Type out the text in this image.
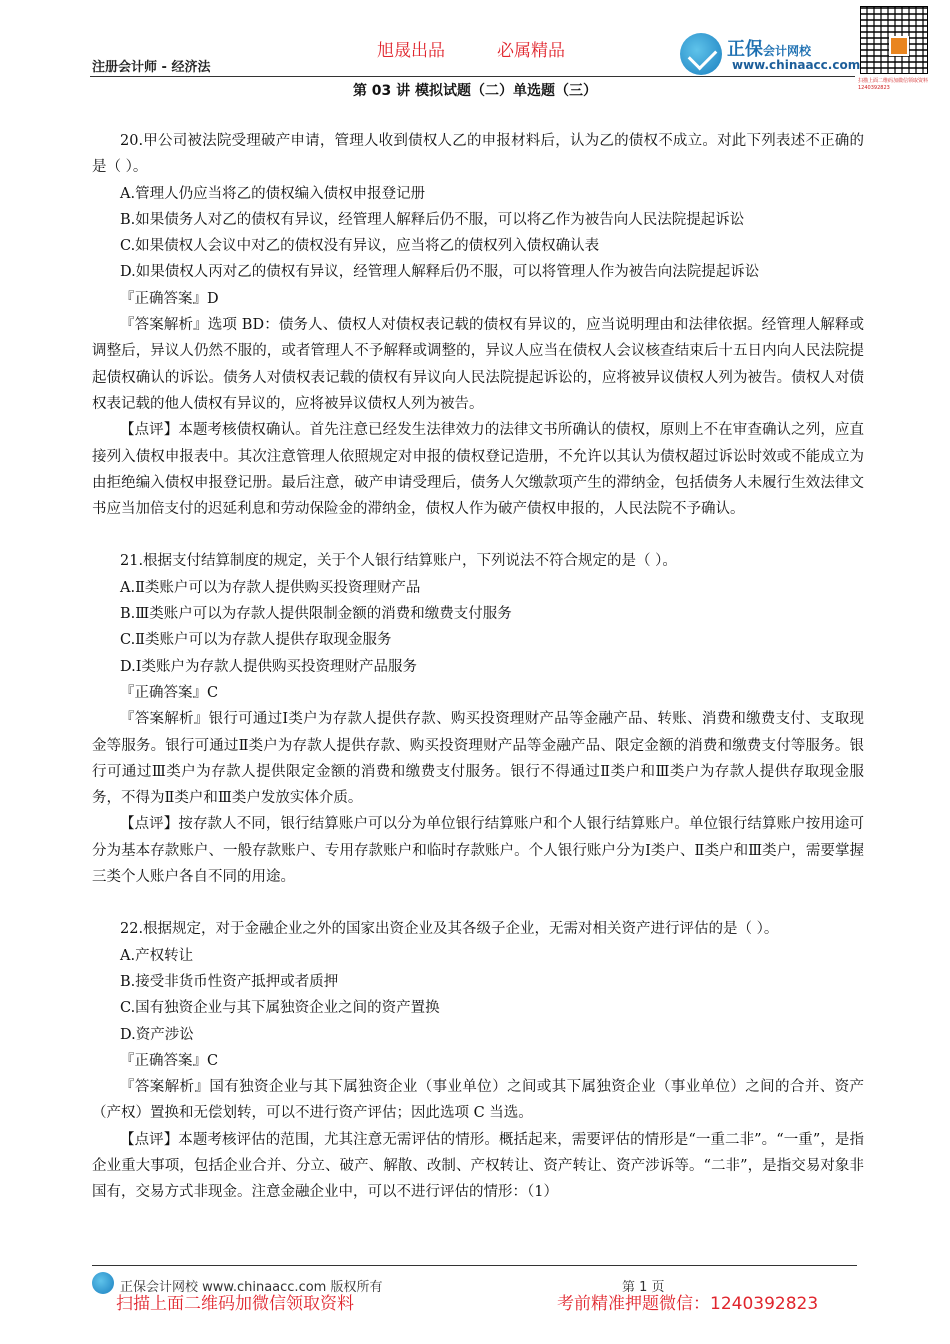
注册会计师 - 经济法
旭晟出品	必属精品	正保会计网校
www.chinaacc.com
扫描上面二维码加微信领取资料 1240392823
第 03 讲 模拟试题（二）单选题（三）

20.甲公司被法院受理破产申请，管理人收到债权人乙的申报材料后，认为乙的债权不成立。对此下列表述不正确的是（ ）。

A.管理人仍应当将乙的债权编入债权申报登记册

B.如果债务人对乙的债权有异议，经管理人解释后仍不服，可以将乙作为被告向人民法院提起诉讼

C.如果债权人会议中对乙的债权没有异议，应当将乙的债权列入债权确认表

D.如果债权人丙对乙的债权有异议，经管理人解释后仍不服，可以将管理人作为被告向法院提起诉讼

『正确答案』D

『答案解析』选项 BD：债务人、债权人对债权表记载的债权有异议的，应当说明理由和法律依据。经管理人解释或调整后，异议人仍然不服的，或者管理人不予解释或调整的，异议人应当在债权人会议核查结束后十五日内向人民法院提起债权确认的诉讼。债务人对债权表记载的债权有异议向人民法院提起诉讼的，应将被异议债权人列为被告。债权人对债权表记载的他人债权有异议的，应将被异议债权人列为被告。

【点评】本题考核债权确认。首先注意已经发生法律效力的法律文书所确认的债权，原则上不在审查确认之列，应直接列入债权申报表中。其次注意管理人依照规定对申报的债权登记造册，不允许以其认为债权超过诉讼时效或不能成立为由拒绝编入债权申报登记册。最后注意，破产申请受理后，债务人欠缴款项产生的滞纳金，包括债务人未履行生效法律文书应当加倍支付的迟延利息和劳动保险金的滞纳金，债权人作为破产债权申报的，人民法院不予确认。

21.根据支付结算制度的规定，关于个人银行结算账户，下列说法不符合规定的是（ ）。

A.Ⅱ类账户可以为存款人提供购买投资理财产品

B.Ⅲ类账户可以为存款人提供限制金额的消费和缴费支付服务

C.Ⅱ类账户可以为存款人提供存取现金服务

D.Ⅰ类账户为存款人提供购买投资理财产品服务

『正确答案』C

『答案解析』银行可通过Ⅰ类户为存款人提供存款、购买投资理财产品等金融产品、转账、消费和缴费支付、支取现金等服务。银行可通过Ⅱ类户为存款人提供存款、购买投资理财产品等金融产品、限定金额的消费和缴费支付等服务。银行可通过Ⅲ类户为存款人提供限定金额的消费和缴费支付服务。银行不得通过Ⅱ类户和Ⅲ类户为存款人提供存取现金服务，不得为Ⅱ类户和Ⅲ类户发放实体介质。

【点评】按存款人不同，银行结算账户可以分为单位银行结算账户和个人银行结算账户。单位银行结算账户按用途可分为基本存款账户、一般存款账户、专用存款账户和临时存款账户。个人银行账户分为Ⅰ类户、Ⅱ类户和Ⅲ类户，需要掌握三类个人账户各自不同的用途。

22.根据规定，对于金融企业之外的国家出资企业及其各级子企业，无需对相关资产进行评估的是（ ）。

A.产权转让

B.接受非货币性资产抵押或者质押

C.国有独资企业与其下属独资企业之间的资产置换

D.资产涉讼

『正确答案』C

『答案解析』国有独资企业与其下属独资企业（事业单位）之间或其下属独资企业（事业单位）之间的合并、资产（产权）置换和无偿划转，可以不进行资产评估；因此选项 C 当选。

【点评】本题考核评估的范围，尤其注意无需评估的情形。概括起来，需要评估的情形是“一重二非”。“一重”，是指企业重大事项，包括企业合并、分立、破产、解散、改制、产权转让、资产转让、资产涉诉等。“二非”，是指交易对象非国有，交易方式非现金。注意金融企业中，可以不进行评估的情形：（1）

正保会计网校 www.chinaacc.com 版权所有	第 1 页
扫描上面二维码加微信领取资料	考前精准押题微信：1240392823
